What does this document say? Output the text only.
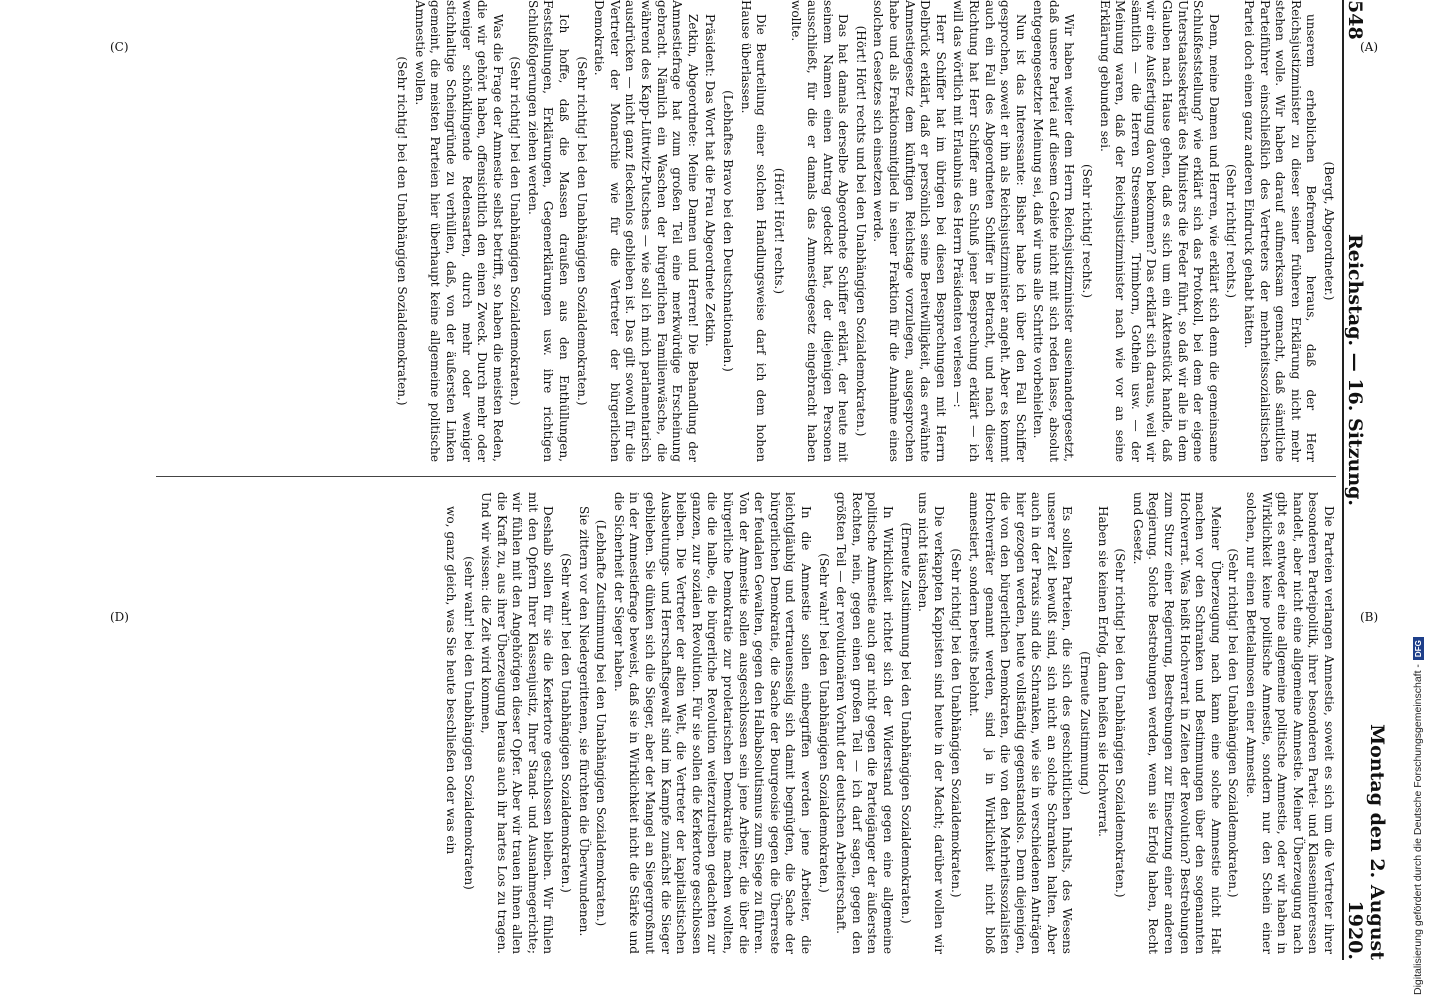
548
Reichstag. — 16. Sitzung.
Montag den 2. August 1920.

(Bergt, Abgeordneter.)

unserem erheblichen Befremden heraus, daß der Herr Reichsjustizminister zu dieser seiner früheren Erklärung nicht mehr stehen wolle. Wir haben darauf aufmerksam gemacht, daß sämtliche Parteiführer einschließlich des Vertreters der mehrheitssozialistischen Partei doch einen ganz anderen Eindruck gehabt hätten.

(Sehr richtig! rechts.)

Denn, meine Damen und Herren, wie erklärt sich denn die gemeinsame Schlußfeststellung? wie erklärt sich das Protokoll, bei dem der eigene Unterstaatssekretär des Ministers die Feder führt, so daß wir alle in dem Glauben nach Hause gehen, daß es sich um ein Aktenstück handle, daß wir eine Ausfertigung davon bekommen? Das erklärt sich daraus, weil wir sämtlich — die Herren Stresemann, Trimborn, Gothein usw. — der Meinung waren, daß der Reichsjustizminister nach wie vor an seine Erklärung gebunden sei.

(Sehr richtig! rechts.)

Wir haben weiter dem Herrn Reichsjustizminister auseinandergesetzt, daß unsere Partei auf diesem Gebiete nicht mit sich reden lasse, absolut entgegengesetzter Meinung sei, daß wir uns alle Schritte vorbehielten.

Nun ist das Interessante: Bisher habe ich über den Fall Schiffer gesprochen, soweit er ihn als Reichsjustizminister angeht. Aber es kommt auch ein Fall des Abgeordneten Schiffer in Betracht, und nach dieser Richtung hat Herr Schiffer am Schluß jener Besprechung erklärt — ich will das wörtlich mit Erlaubnis des Herrn Präsidenten verlesen —:

Herr Schiffer hat im übrigen bei diesen Besprechungen mit Herrn Delbrück erklärt, daß er persönlich seine Bereitwilligkeit, das erwähnte Amnestiegesetz dem künftigen Reichstage vorzulegen, ausgesprochen habe und als Fraktionsmitglied in seiner Fraktion für die Annahme eines solchen Gesetzes sich einsetzen werde.

(Hört! Hört! rechts und bei den Unabhängigen Sozialdemokraten.)

Das hat damals derselbe Abgeordnete Schiffer erklärt, der heute mit seinem Namen einen Antrag gedeckt hat, der diejenigen Personen ausschließt, für die er damals das Amnestiegesetz eingebracht haben wollte.

(Hört! Hört! rechts.)

Die Beurteilung einer solchen Handlungsweise darf ich dem hohen Hause überlassen.

(Lebhaftes Bravo bei den Deutschnationalen.)

Präsident: Das Wort hat die Frau Abgeordnete Zetkin.

Zetkin, Abgeordnete: Meine Damen und Herren! Die Behandlung der Amnestiefrage hat zum großen Teil eine merkwürdige Erscheinung gebracht. Nämlich ein Waschen der bürgerlichen Familienwäsche, die während des Kapp-Lüttwitz-Putsches — wie soll ich mich parlamentarisch ausdrücken — nicht ganz fleckenlos geblieben ist. Das gilt sowohl für die Vertreter der Monarchie wie für die Vertreter der bürgerlichen Demokratie.

(Sehr richtig! bei den Unabhängigen Sozialdemokraten.)

Ich hoffe, daß die Massen draußen aus den Enthüllungen, Feststellungen, Erklärungen, Gegenerklärungen usw. ihre richtigen Schlußfolgerungen ziehen werden.

(Sehr richtig! bei den Unabhängigen Sozialdemokraten.)

Was die Frage der Amnestie selbst betrifft, so haben die meisten Reden, die wir gehört haben, offensichtlich den einen Zweck. Durch mehr oder weniger schönklingende Redensarten, durch mehr oder weniger stichhaltige Scheingründe zu verhüllen, daß, von der äußersten Linken gemeint, die meisten Parteien hier überhaupt keine allgemeine politische Amnestie wollen.

(Sehr richtig! bei den Unabhängigen Sozialdemokraten.)

Die Parteien verlangen Amnestie, soweit es sich um die Vertreter ihrer besonderen Parteipolitik, ihrer besonderen Partei- und Klasseninteressen handelt, aber nicht eine allgemeine Amnestie. Meiner Überzeugung nach gibt es entweder eine allgemeine politische Amnestie, oder wir haben in Wirklichkeit keine politische Amnestie, sondern nur den Schein einer solchen, nur einen Bettelalmosen einer Amnestie.

(Sehr richtig! bei den Unabhängigen Sozialdemokraten.)

Meiner Überzeugung nach kann eine solche Amnestie nicht Halt machen vor den Schranken und Bestimmungen über den sogenannten Hochverrat. Was heißt Hochverrat in Zeiten der Revolution? Bestrebungen zum Sturz einer Regierung, Bestrebungen zur Einsetzung einer anderen Regierung. Solche Bestrebungen werden, wenn sie Erfolg haben, Recht und Gesetz.

(Sehr richtig! bei den Unabhängigen Sozialdemokraten.)

Haben sie keinen Erfolg, dann heißen sie Hochverrat.

(Erneute Zustimmung.)

Es sollten Parteien, die sich des geschichtlichen Inhalts, des Wesens unserer Zeit bewußt sind, sich nicht an solche Schranken halten. Aber auch in der Praxis sind die Schranken, wie sie in verschiedenen Anträgen hier gezogen werden, heute vollständig gegenstandslos. Denn diejenigen, die von den bürgerlichen Demokraten, die von den Mehrheitssozialisten Hochverräter genannt werden, sind ja in Wirklichkeit nicht bloß amnestiert, sondern bereits belohnt.

(Sehr richtig! bei den Unabhängigen Sozialdemokraten.)

Die verkappten Kappisten sind heute in der Macht; darüber wollen wir uns nicht täuschen.

(Erneute Zustimmung bei den Unabhängigen Sozialdemokraten.)

In Wirklichkeit richtet sich der Widerstand gegen eine allgemeine politische Amnestie auch gar nicht gegen die Parteigänger der äußersten Rechten, nein, gegen einen großen Teil — ich darf sagen, gegen den größten Teil — der revolutionären Vorhut der deutschen Arbeiterschaft.

(Sehr wahr! bei den Unabhängigen Sozialdemokraten.)

In die Amnestie sollen einbegriffen werden jene Arbeiter, die leichtgläubig und vertrauensselig sich damit begnügten, die Sache der bürgerlichen Demokratie, die Sache der Bourgeoisie gegen die Überreste der feudalen Gewalten, gegen den Halbabsolutismus zum Siege zu führen. Von der Amnestie sollen ausgeschlossen sein jene Arbeiter, die über die bürgerliche Demokratie zur proletarischen Demokratie machen wollten, die die halbe, die bürgerliche Revolution weiterzutreiben gedachten zur ganzen, zur sozialen Revolution. Für sie sollen die Kerkertore geschlossen bleiben. Die Vertreter der alten Welt, die Vertreter der kapitalistischen Ausbeutungs- und Herrschaftsgewalt sind im Kampfe zunächst die Sieger geblieben. Sie dünken sich die Sieger, aber der Mangel an Siegergroßmut in der Amnestiefrage beweist, daß sie in Wirklichkeit nicht die Stärke und die Sicherheit der Sieger haben.

(Lebhafte Zustimmung bei den Unabhängigen Sozialdemokraten.)

Sie zittern vor den Niedergerittenen, sie fürchten die Überwundenen.

(Sehr wahr! bei den Unabhängigen Sozialdemokraten.)

Deshalb sollen für sie die Kerkertore geschlossen bleiben. Wir fühlen mit den Opfern Ihrer Klassenjustiz, Ihrer Stand- und Ausnahmegerichte; wir fühlen mit den Angehörigen dieser Opfer. Aber wir trauen ihnen allen die Kraft zu, aus ihrer Überzeugung heraus auch ihr hartes Los zu tragen. Und wir wissen: die Zeit wird kommen,

(sehr wahr! bei den Unabhängigen Sozialdemokraten)

wo, ganz gleich, was Sie heute beschließen oder was ein

(A)
(B)
(C)
(D)
Digitalisierung gefördert durch die Deutsche Forschungsgemeinschaft -DFG
